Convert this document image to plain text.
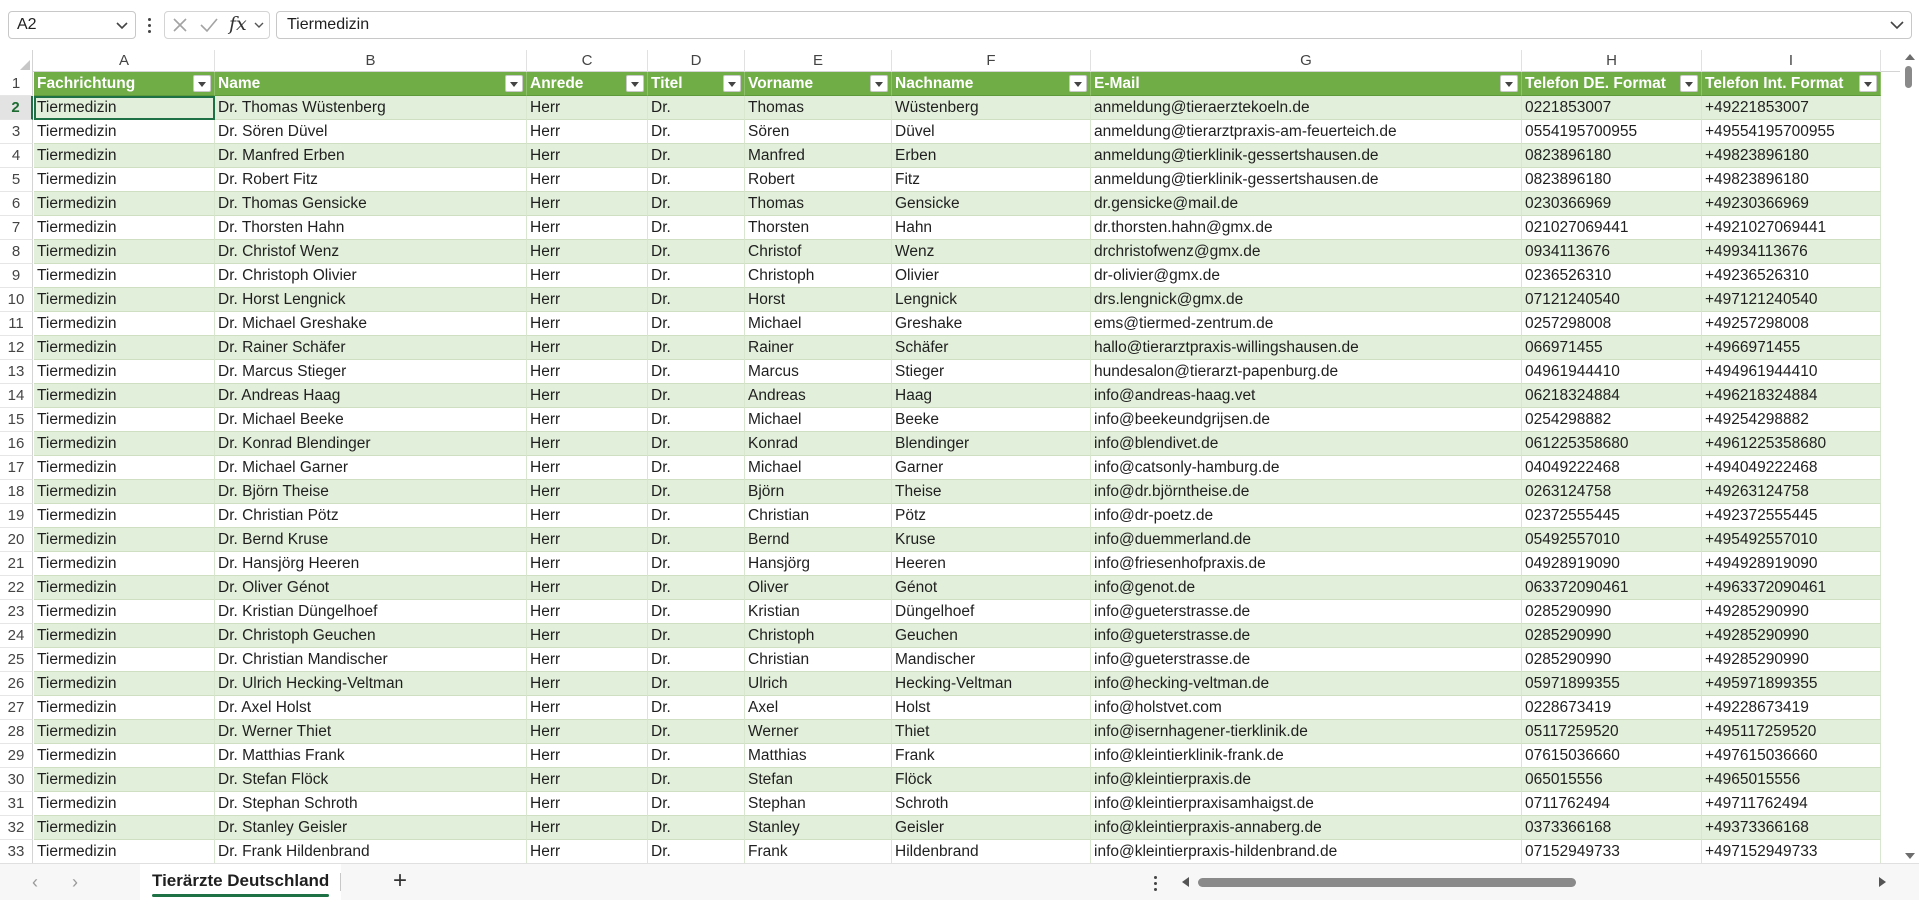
A2	fx	Tiermedizin
A	B	C	D	E	F	G	H	I
1
2
3
4
5
6
7
8
9
10
11
12
13
14
15
16
17
18
19
20
21
22
23
24
25
26
27
28
29
30
31
32
33
Fachrichtung	Name	Anrede	Titel	Vorname	Nachname	E-Mail	Telefon DE. Format	Telefon Int. Format
Tiermedizin	Dr. Thomas Wüstenberg	Herr	Dr.	Thomas	Wüstenberg	anmeldung@tieraerztekoeln.de	0221853007	+49221853007
Tiermedizin	Dr. Sören Düvel	Herr	Dr.	Sören	Düvel	anmeldung@tierarztpraxis-am-feuerteich.de	0554195700955	+49554195700955
Tiermedizin	Dr. Manfred Erben	Herr	Dr.	Manfred	Erben	anmeldung@tierklinik-gessertshausen.de	0823896180	+49823896180
Tiermedizin	Dr. Robert Fitz	Herr	Dr.	Robert	Fitz	anmeldung@tierklinik-gessertshausen.de	0823896180	+49823896180
Tiermedizin	Dr. Thomas Gensicke	Herr	Dr.	Thomas	Gensicke	dr.gensicke@mail.de	0230366969	+49230366969
Tiermedizin	Dr. Thorsten Hahn	Herr	Dr.	Thorsten	Hahn	dr.thorsten.hahn@gmx.de	021027069441	+4921027069441
Tiermedizin	Dr. Christof Wenz	Herr	Dr.	Christof	Wenz	drchristofwenz@gmx.de	0934113676	+49934113676
Tiermedizin	Dr. Christoph Olivier	Herr	Dr.	Christoph	Olivier	dr-olivier@gmx.de	0236526310	+49236526310
Tiermedizin	Dr. Horst Lengnick	Herr	Dr.	Horst	Lengnick	drs.lengnick@gmx.de	07121240540	+497121240540
Tiermedizin	Dr. Michael Greshake	Herr	Dr.	Michael	Greshake	ems@tiermed-zentrum.de	0257298008	+49257298008
Tiermedizin	Dr. Rainer Schäfer	Herr	Dr.	Rainer	Schäfer	hallo@tierarztpraxis-willingshausen.de	066971455	+4966971455
Tiermedizin	Dr. Marcus Stieger	Herr	Dr.	Marcus	Stieger	hundesalon@tierarzt-papenburg.de	04961944410	+494961944410
Tiermedizin	Dr. Andreas Haag	Herr	Dr.	Andreas	Haag	info@andreas-haag.vet	06218324884	+496218324884
Tiermedizin	Dr. Michael Beeke	Herr	Dr.	Michael	Beeke	info@beekeundgrijsen.de	0254298882	+49254298882
Tiermedizin	Dr. Konrad Blendinger	Herr	Dr.	Konrad	Blendinger	info@blendivet.de	061225358680	+4961225358680
Tiermedizin	Dr. Michael Garner	Herr	Dr.	Michael	Garner	info@catsonly-hamburg.de	04049222468	+494049222468
Tiermedizin	Dr. Björn Theise	Herr	Dr.	Björn	Theise	info@dr.björntheise.de	0263124758	+49263124758
Tiermedizin	Dr. Christian Pötz	Herr	Dr.	Christian	Pötz	info@dr-poetz.de	02372555445	+492372555445
Tiermedizin	Dr. Bernd Kruse	Herr	Dr.	Bernd	Kruse	info@duemmerland.de	05492557010	+495492557010
Tiermedizin	Dr. Hansjörg Heeren	Herr	Dr.	Hansjörg	Heeren	info@friesenhofpraxis.de	04928919090	+494928919090
Tiermedizin	Dr. Oliver Génot	Herr	Dr.	Oliver	Génot	info@genot.de	063372090461	+4963372090461
Tiermedizin	Dr. Kristian Düngelhoef	Herr	Dr.	Kristian	Düngelhoef	info@gueterstrasse.de	0285290990	+49285290990
Tiermedizin	Dr. Christoph Geuchen	Herr	Dr.	Christoph	Geuchen	info@gueterstrasse.de	0285290990	+49285290990
Tiermedizin	Dr. Christian Mandischer	Herr	Dr.	Christian	Mandischer	info@gueterstrasse.de	0285290990	+49285290990
Tiermedizin	Dr. Ulrich Hecking-Veltman	Herr	Dr.	Ulrich	Hecking-Veltman	info@hecking-veltman.de	05971899355	+495971899355
Tiermedizin	Dr. Axel Holst	Herr	Dr.	Axel	Holst	info@holstvet.com	0228673419	+49228673419
Tiermedizin	Dr. Werner Thiet	Herr	Dr.	Werner	Thiet	info@isernhagener-tierklinik.de	05117259520	+495117259520
Tiermedizin	Dr. Matthias Frank	Herr	Dr.	Matthias	Frank	info@kleintierklinik-frank.de	07615036660	+497615036660
Tiermedizin	Dr. Stefan Flöck	Herr	Dr.	Stefan	Flöck	info@kleintierpraxis.de	065015556	+4965015556
Tiermedizin	Dr. Stephan Schroth	Herr	Dr.	Stephan	Schroth	info@kleintierpraxisamhaigst.de	0711762494	+49711762494
Tiermedizin	Dr. Stanley Geisler	Herr	Dr.	Stanley	Geisler	info@kleintierpraxis-annaberg.de	0373366168	+49373366168
Tiermedizin	Dr. Frank Hildenbrand	Herr	Dr.	Frank	Hildenbrand	info@kleintierpraxis-hildenbrand.de	07152949733	+497152949733
‹ ›	Tierärzte Deutschland	+
